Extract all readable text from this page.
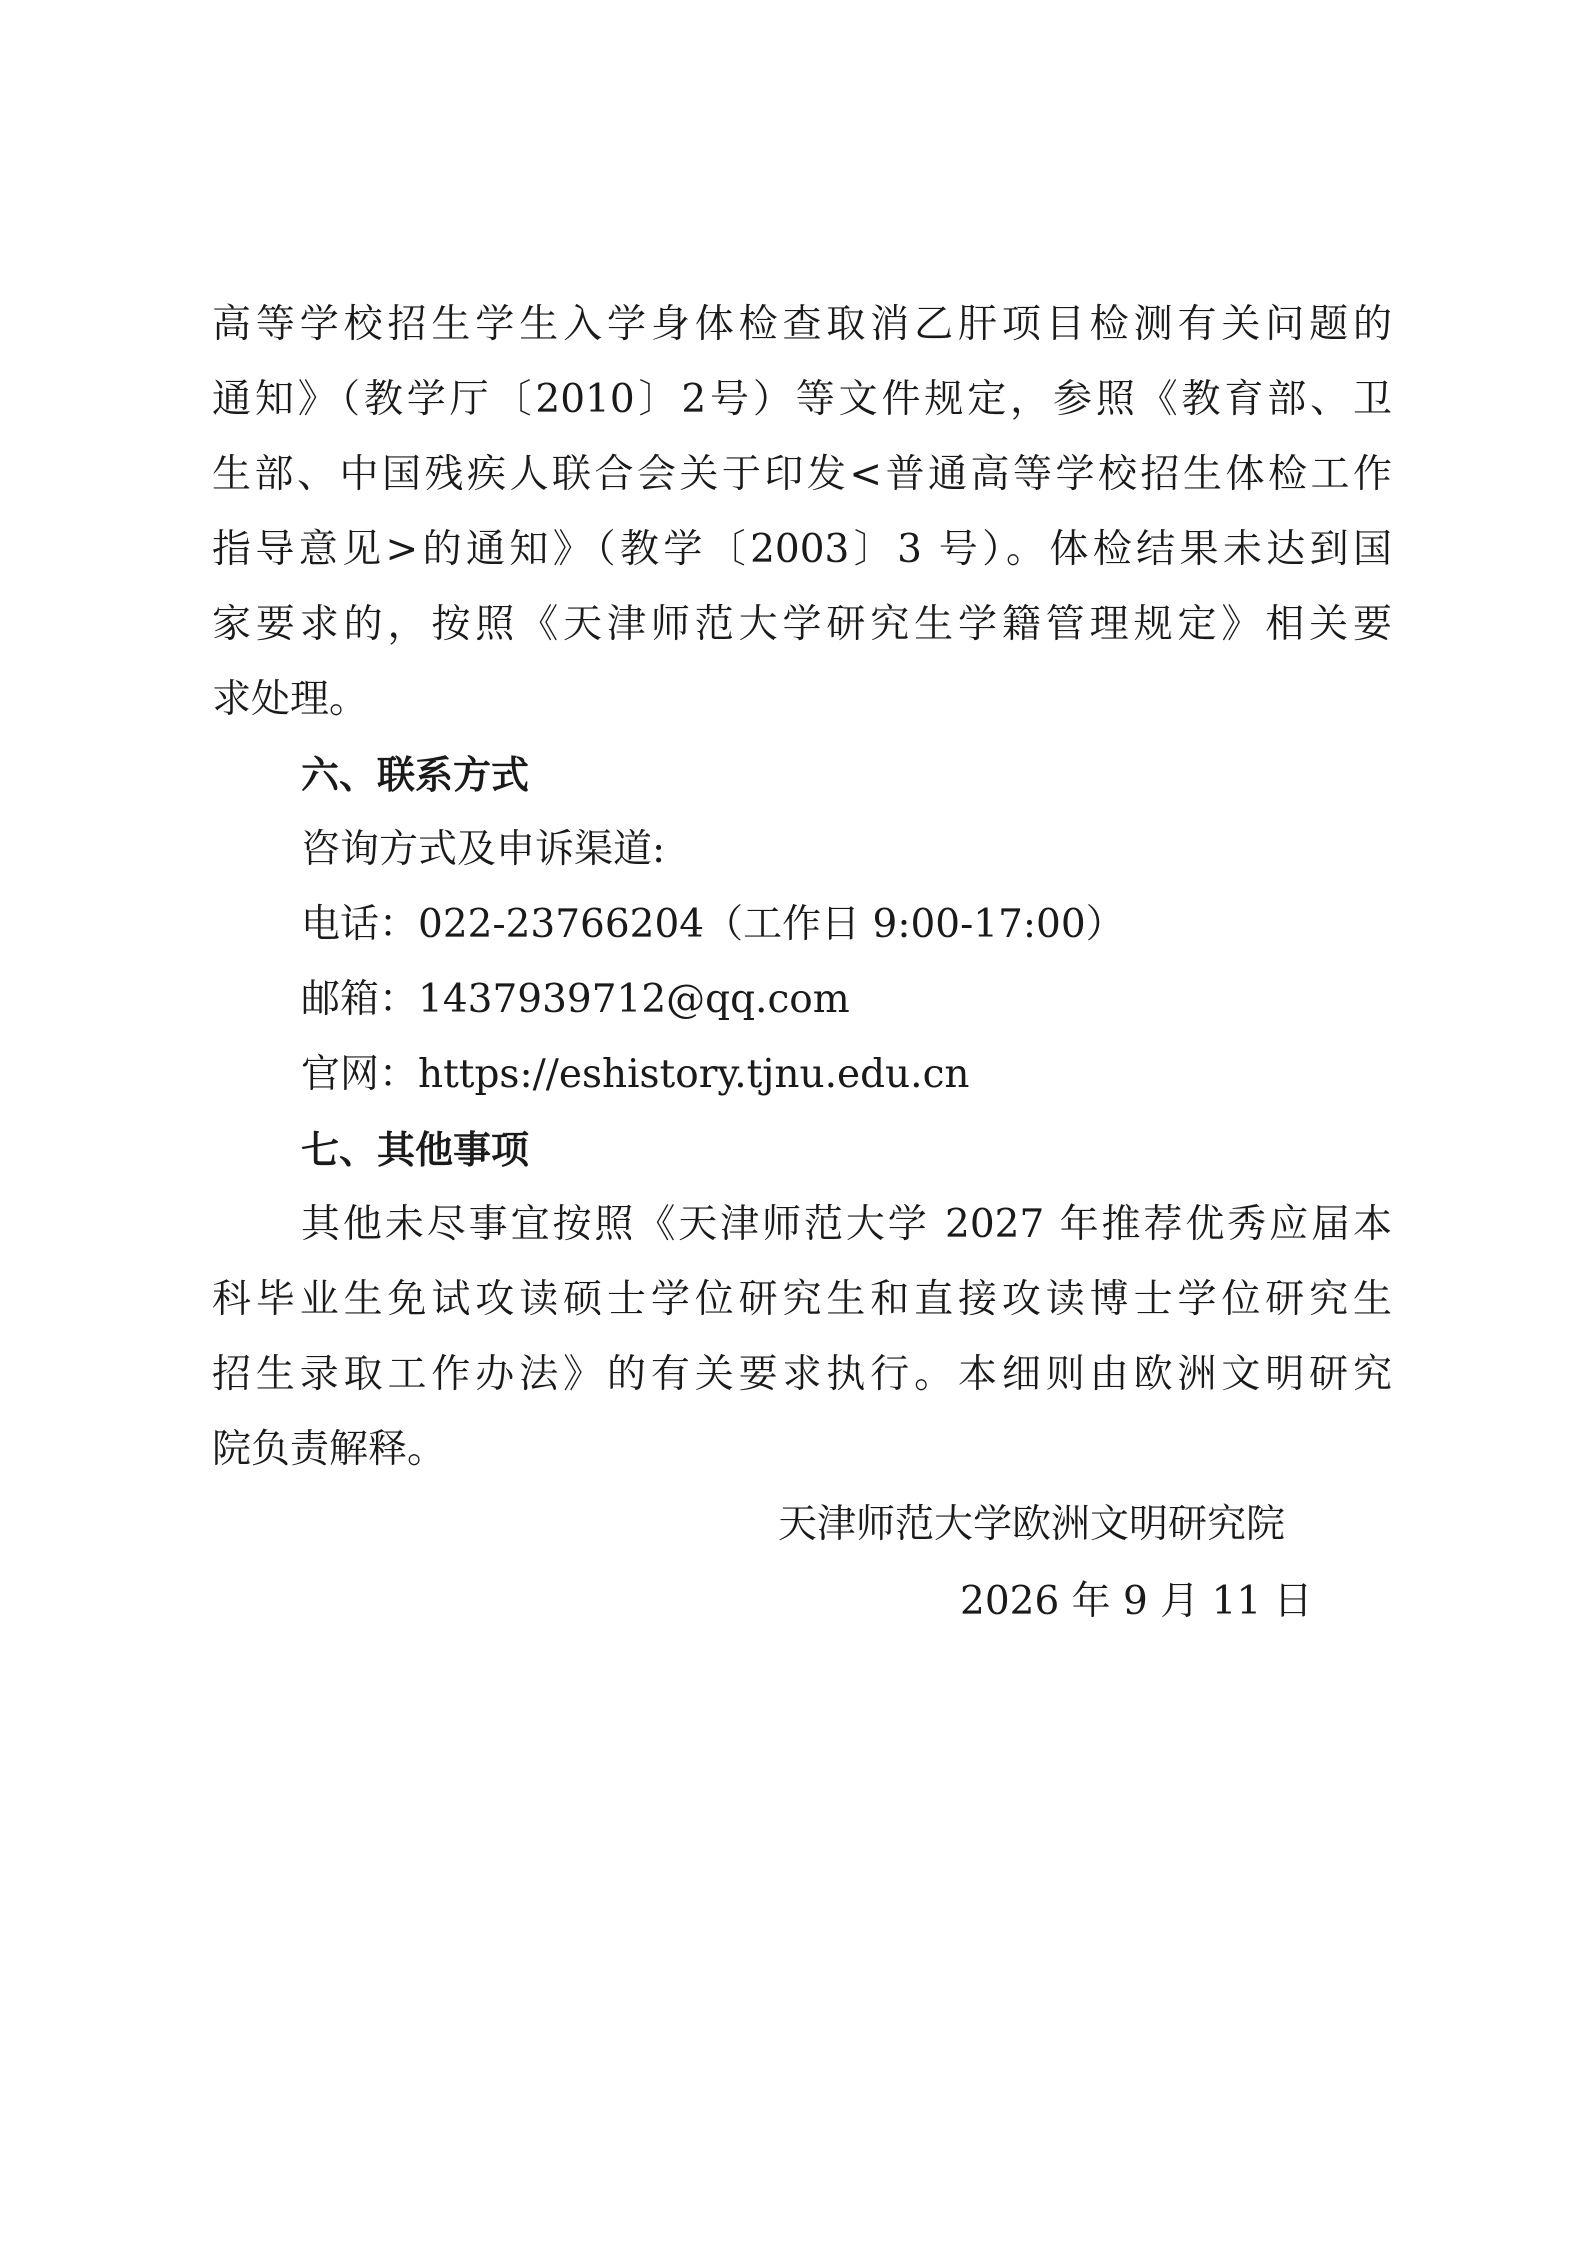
高等学校招生学生入学身体检查取消乙肝项目检测有关问题的
通知》（教学厅〔2010〕2号）等文件规定，参照《教育部、卫
生部、中国残疾人联合会关于印发<普通高等学校招生体检工作
指导意见>的通知》（教学〔2003〕3 号）。体检结果未达到国
家要求的，按照《天津师范大学研究生学籍管理规定》相关要
求处理。
六、联系方式
咨询方式及申诉渠道:
电话：022-23766204（工作日 9:00-17:00）
邮箱：1437939712@qq.com
官网：https://eshistory.tjnu.edu.cn
七、其他事项
其他未尽事宜按照《天津师范大学 2027 年推荐优秀应届本
科毕业生免试攻读硕士学位研究生和直接攻读博士学位研究生
招生录取工作办法》的有关要求执行。本细则由欧洲文明研究
院负责解释。
天津师范大学欧洲文明研究院
2026 年 9 月 11 日
